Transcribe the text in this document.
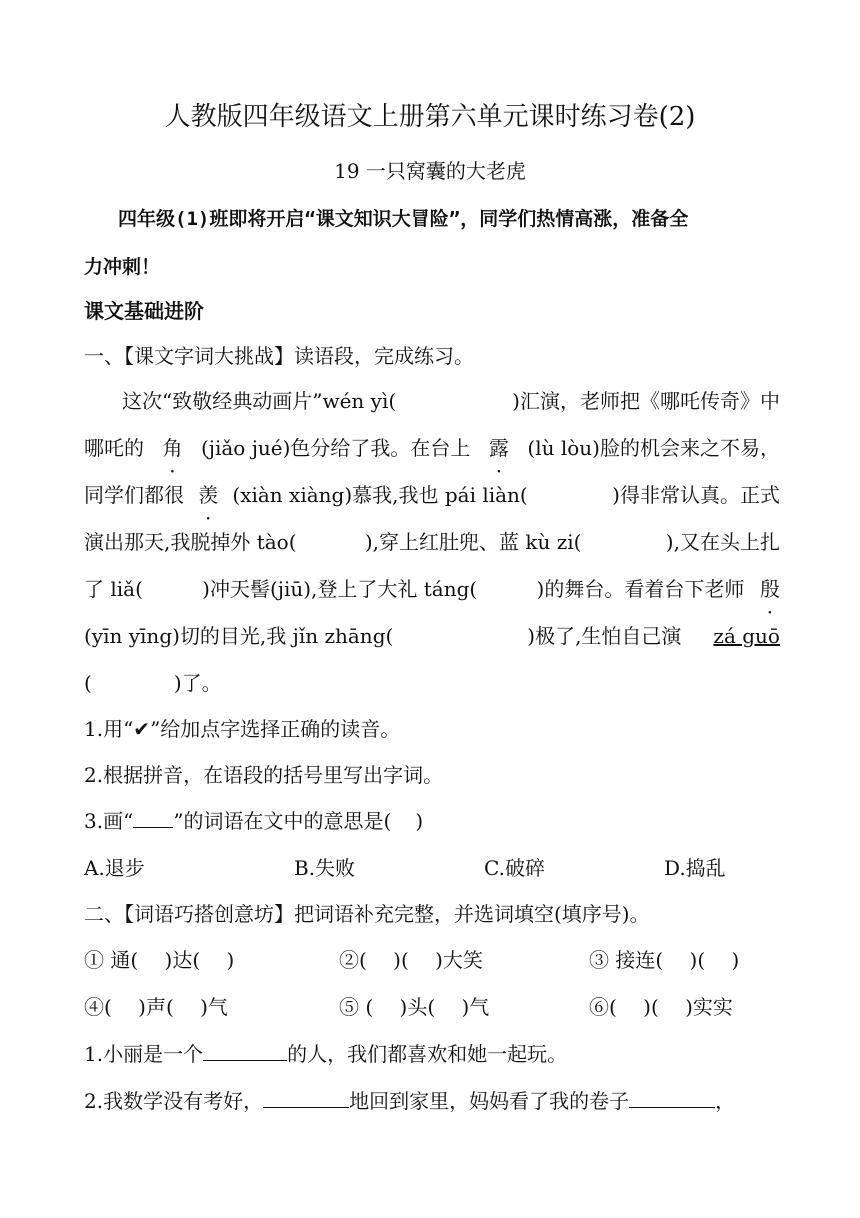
人教版四年级语文上册第六单元课时练习卷(2)
19 一只窝囊的大老虎
四年级(1)班即将开启“课文知识大冒险”，同学们热情高涨，准备全
力冲刺！
课文基础进阶
一、【课文字词大挑战】读语段，完成练习。
这次“致敬经典动画片”wén yì(	)汇演，老师把《哪吒传奇》中
哪吒的 角 · (jiǎo jué)色分给了我。在台上 露 · (lù lòu)脸的机会来之不易，
同学们都很 羡 · (xiàn xiàng)慕我,我也 pái liàn(	)得非常认真。正式
演出那天,我脱掉外 tào(	),穿上红肚兜、蓝 kù zi(	),又在头上扎
了 liǎ(	)冲天髻(jiū),登上了大礼 táng(	)的舞台。看着台下老师 殷 ·
(yīn yīng)切的目光,我 jǐn zhāng(	)极了,生怕自己演 zá guō
(	)了。
1.用“✔”给加点字选择正确的读音。
2.根据拼音，在语段的括号里写出字词。
3.画“ ”的词语在文中的意思是( )
A.退步	B.失败	C.破碎	D.捣乱
二、【词语巧搭创意坊】把词语补充完整，并选词填空(填序号)。
① 通(　 )达(　 )	②(　 )(　 )大笑	③ 接连(　 )(　 )
④(　 )声(　 )气	⑤ (　 )头(　 )气	⑥(　 )(　 )实实
1.小丽是一个	的人，我们都喜欢和她一起玩。
2.我数学没有考好，	地回到家里，妈妈看了我的卷子	，
